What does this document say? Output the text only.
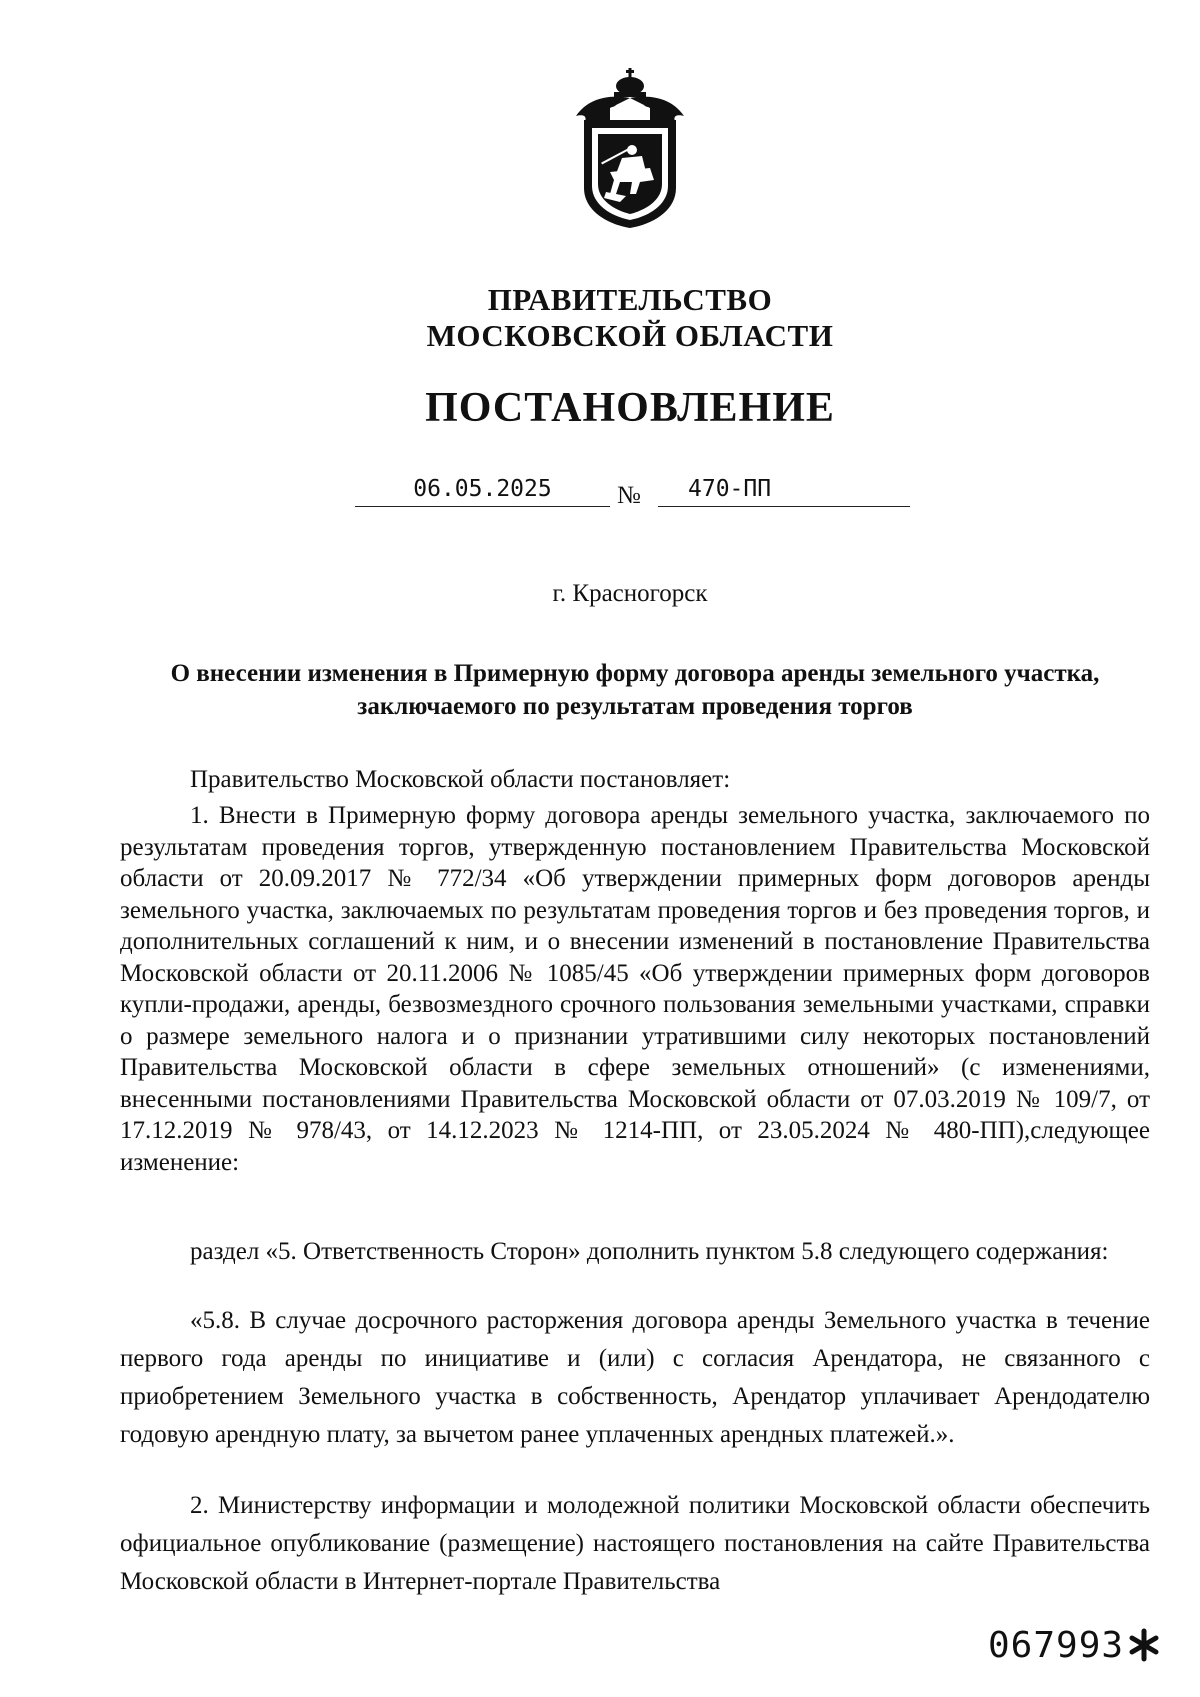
ПРАВИТЕЛЬСТВО
МОСКОВСКОЙ ОБЛАСТИ
ПОСТАНОВЛЕНИЕ
06.05.2025	№	470-ПП
г. Красногорск
О внесении изменения в Примерную форму договора аренды земельного участка, заключаемого по результатам проведения торгов
Правительство Московской области постановляет:
1. Внести в Примерную форму договора аренды земельного участка, заключаемого по результатам проведения торгов, утвержденную постановлением Правительства Московской области от 20.09.2017 № 772/34 «Об утверждении примерных форм договоров аренды земельного участка, заключаемых по результатам проведения торгов и без проведения торгов, и дополнительных соглашений к ним, и о внесении изменений в постановление Правительства Московской области от 20.11.2006 № 1085/45 «Об утверждении примерных форм договоров купли-продажи, аренды, безвозмездного срочного пользования земельными участками, справки о размере земельного налога и о признании утратившими силу некоторых постановлений Правительства Московской области в сфере земельных отношений» (с изменениями, внесенными постановлениями Правительства Московской области от 07.03.2019 № 109/7, от 17.12.2019 № 978/43, от 14.12.2023 № 1214-ПП, от 23.05.2024 № 480-ПП),следующее изменение:
раздел «5. Ответственность Сторон» дополнить пунктом 5.8 следующего содержания:
«5.8. В случае досрочного расторжения договора аренды Земельного участка в течение первого года аренды по инициативе и (или) с согласия Арендатора, не связанного с приобретением Земельного участка в собственность, Арендатор уплачивает Арендодателю годовую арендную плату, за вычетом ранее уплаченных арендных платежей.».
2. Министерству информации и молодежной политики Московской области обеспечить официальное опубликование (размещение) настоящего постановления на сайте Правительства Московской области в Интернет-портале Правительства
067993
